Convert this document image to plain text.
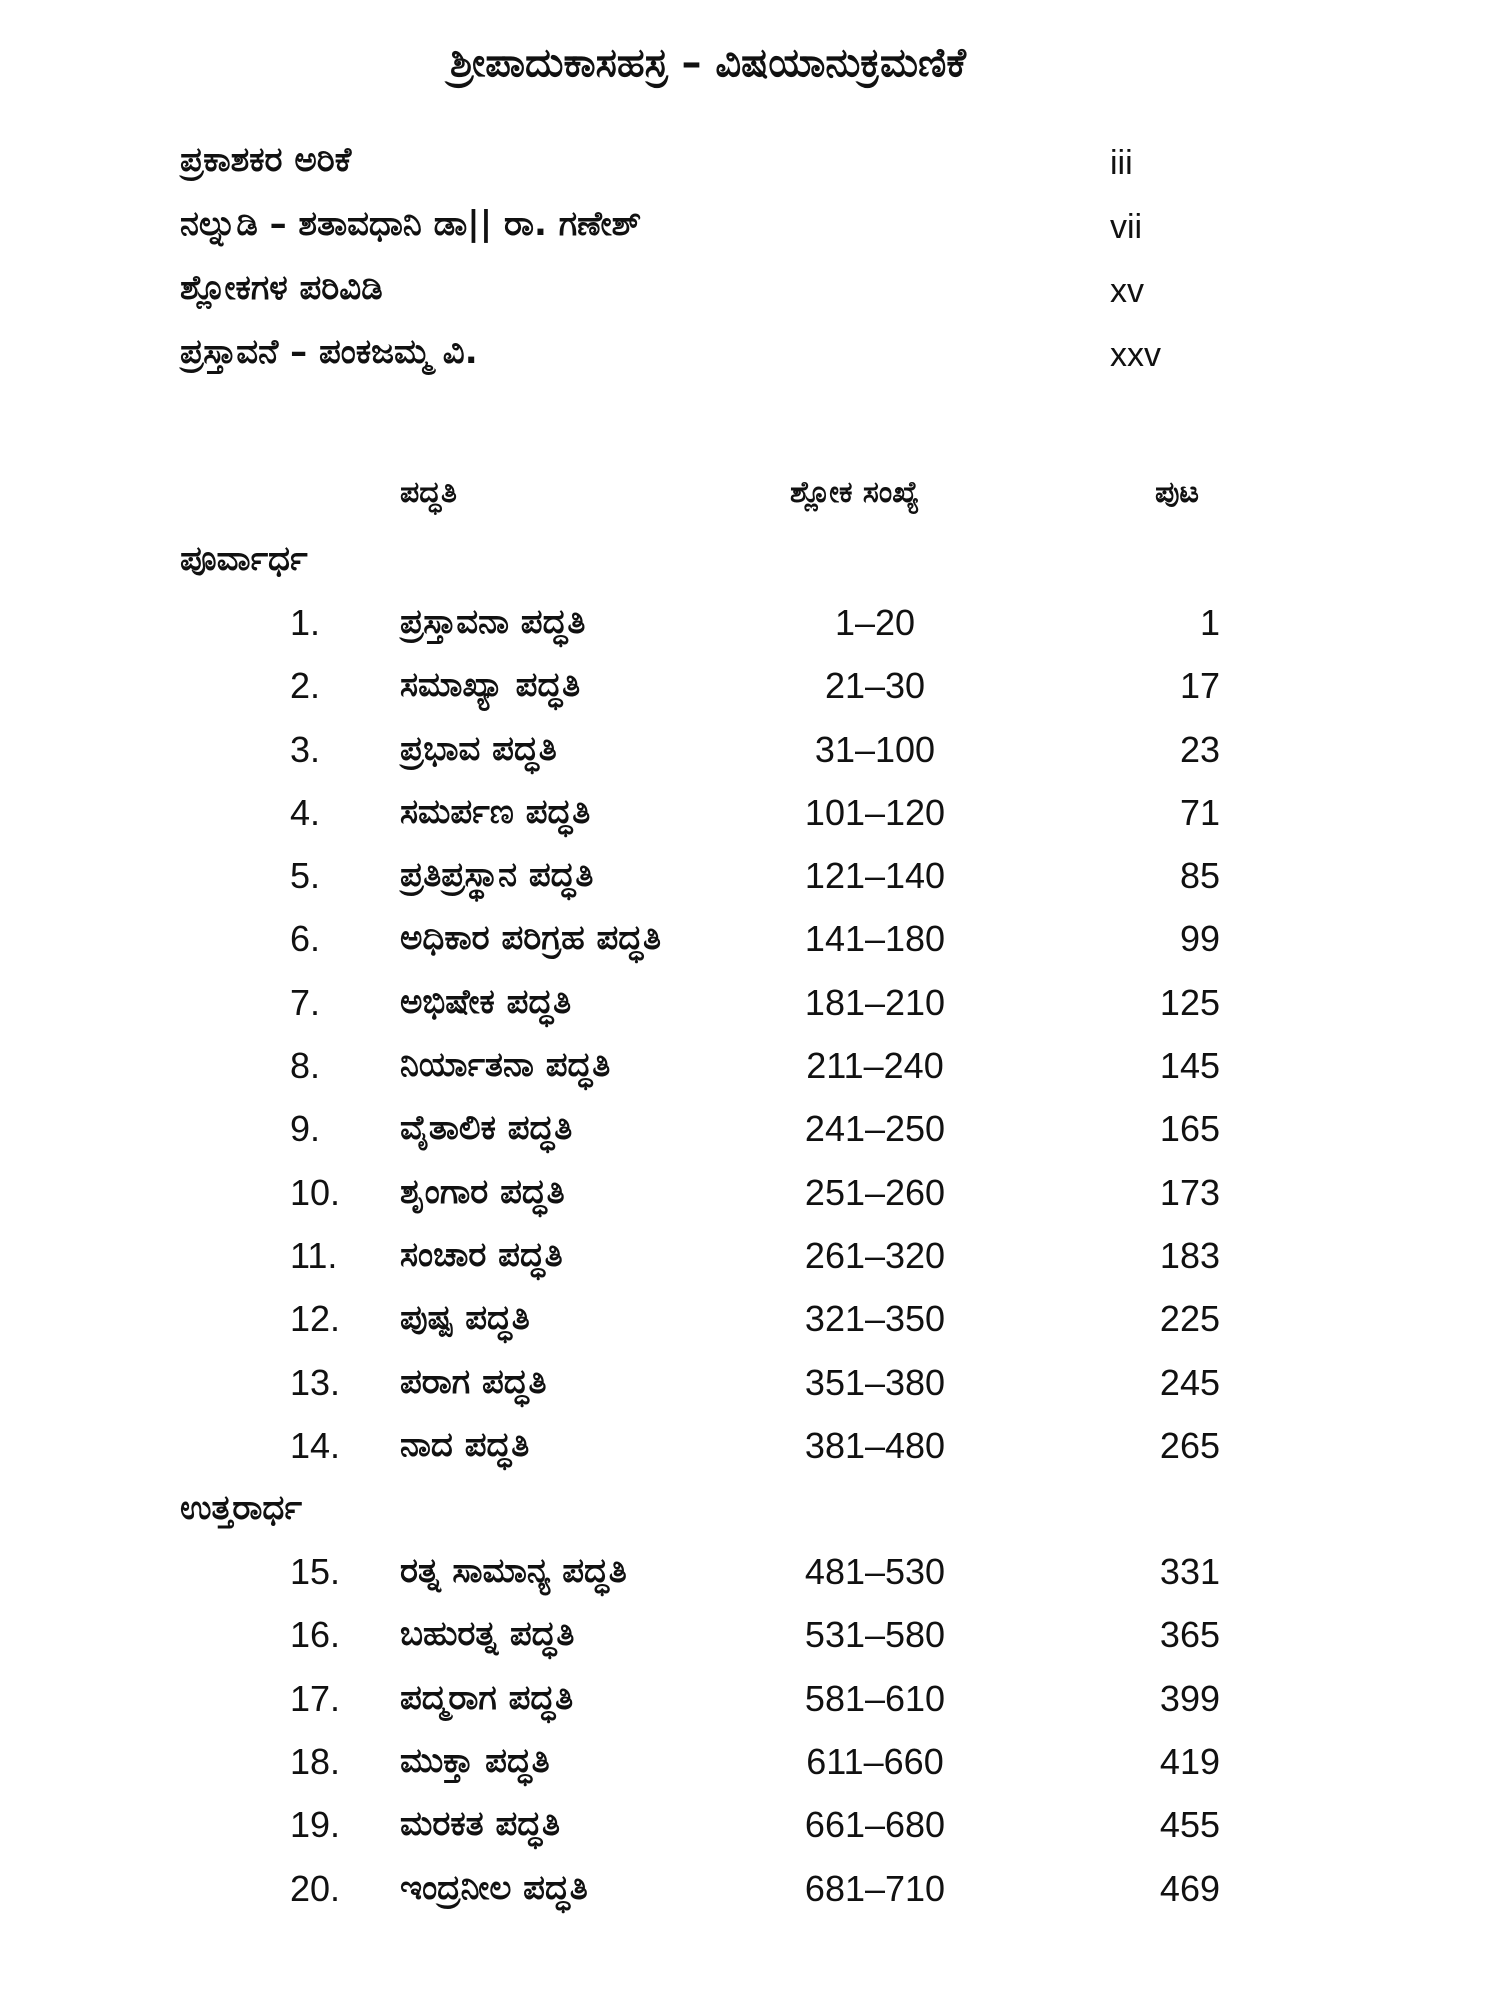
ಶ್ರೀಪಾದುಕಾಸಹಸ್ರ – ವಿಷಯಾನುಕ್ರಮಣಿಕೆ
ಪ್ರಕಾಶಕರ ಅರಿಕೆ	iii
ನಲ್ನುಡಿ – ಶತಾವಧಾನಿ ಡಾ|| ರಾ. ಗಣೇಶ್	vii
ಶ್ಲೋಕಗಳ ಪರಿವಿಡಿ	xv
ಪ್ರಸ್ತಾವನೆ – ಪಂಕಜಮ್ಮ ವಿ.	xxv
ಪದ್ಧತಿ	ಶ್ಲೋಕ ಸಂಖ್ಯೆ	ಪುಟ
ಪೂರ್ವಾರ್ಧ
1. ಪ್ರಸ್ತಾವನಾ ಪದ್ಧತಿ	1–20	1
2. ಸಮಾಖ್ಯಾ ಪದ್ಧತಿ	21–30	17
3. ಪ್ರಭಾವ ಪದ್ಧತಿ	31–100	23
4. ಸಮರ್ಪಣ ಪದ್ಧತಿ	101–120	71
5. ಪ್ರತಿಪ್ರಸ್ಥಾನ ಪದ್ಧತಿ	121–140	85
6. ಅಧಿಕಾರ ಪರಿಗ್ರಹ ಪದ್ಧತಿ	141–180	99
7. ಅಭಿಷೇಕ ಪದ್ಧತಿ	181–210	125
8. ನಿರ್ಯಾತನಾ ಪದ್ಧತಿ	211–240	145
9. ವೈತಾಲಿಕ ಪದ್ಧತಿ	241–250	165
10. ಶೃಂಗಾರ ಪದ್ಧತಿ	251–260	173
11. ಸಂಚಾರ ಪದ್ಧತಿ	261–320	183
12. ಪುಷ್ಪ ಪದ್ಧತಿ	321–350	225
13. ಪರಾಗ ಪದ್ಧತಿ	351–380	245
14. ನಾದ ಪದ್ಧತಿ	381–480	265
ಉತ್ತರಾರ್ಧ
15. ರತ್ನ ಸಾಮಾನ್ಯ ಪದ್ಧತಿ	481–530	331
16. ಬಹುರತ್ನ ಪದ್ಧತಿ	531–580	365
17. ಪದ್ಮರಾಗ ಪದ್ಧತಿ	581–610	399
18. ಮುಕ್ತಾ ಪದ್ಧತಿ	611–660	419
19. ಮರಕತ ಪದ್ಧತಿ	661–680	455
20. ಇಂದ್ರನೀಲ ಪದ್ಧತಿ	681–710	469
